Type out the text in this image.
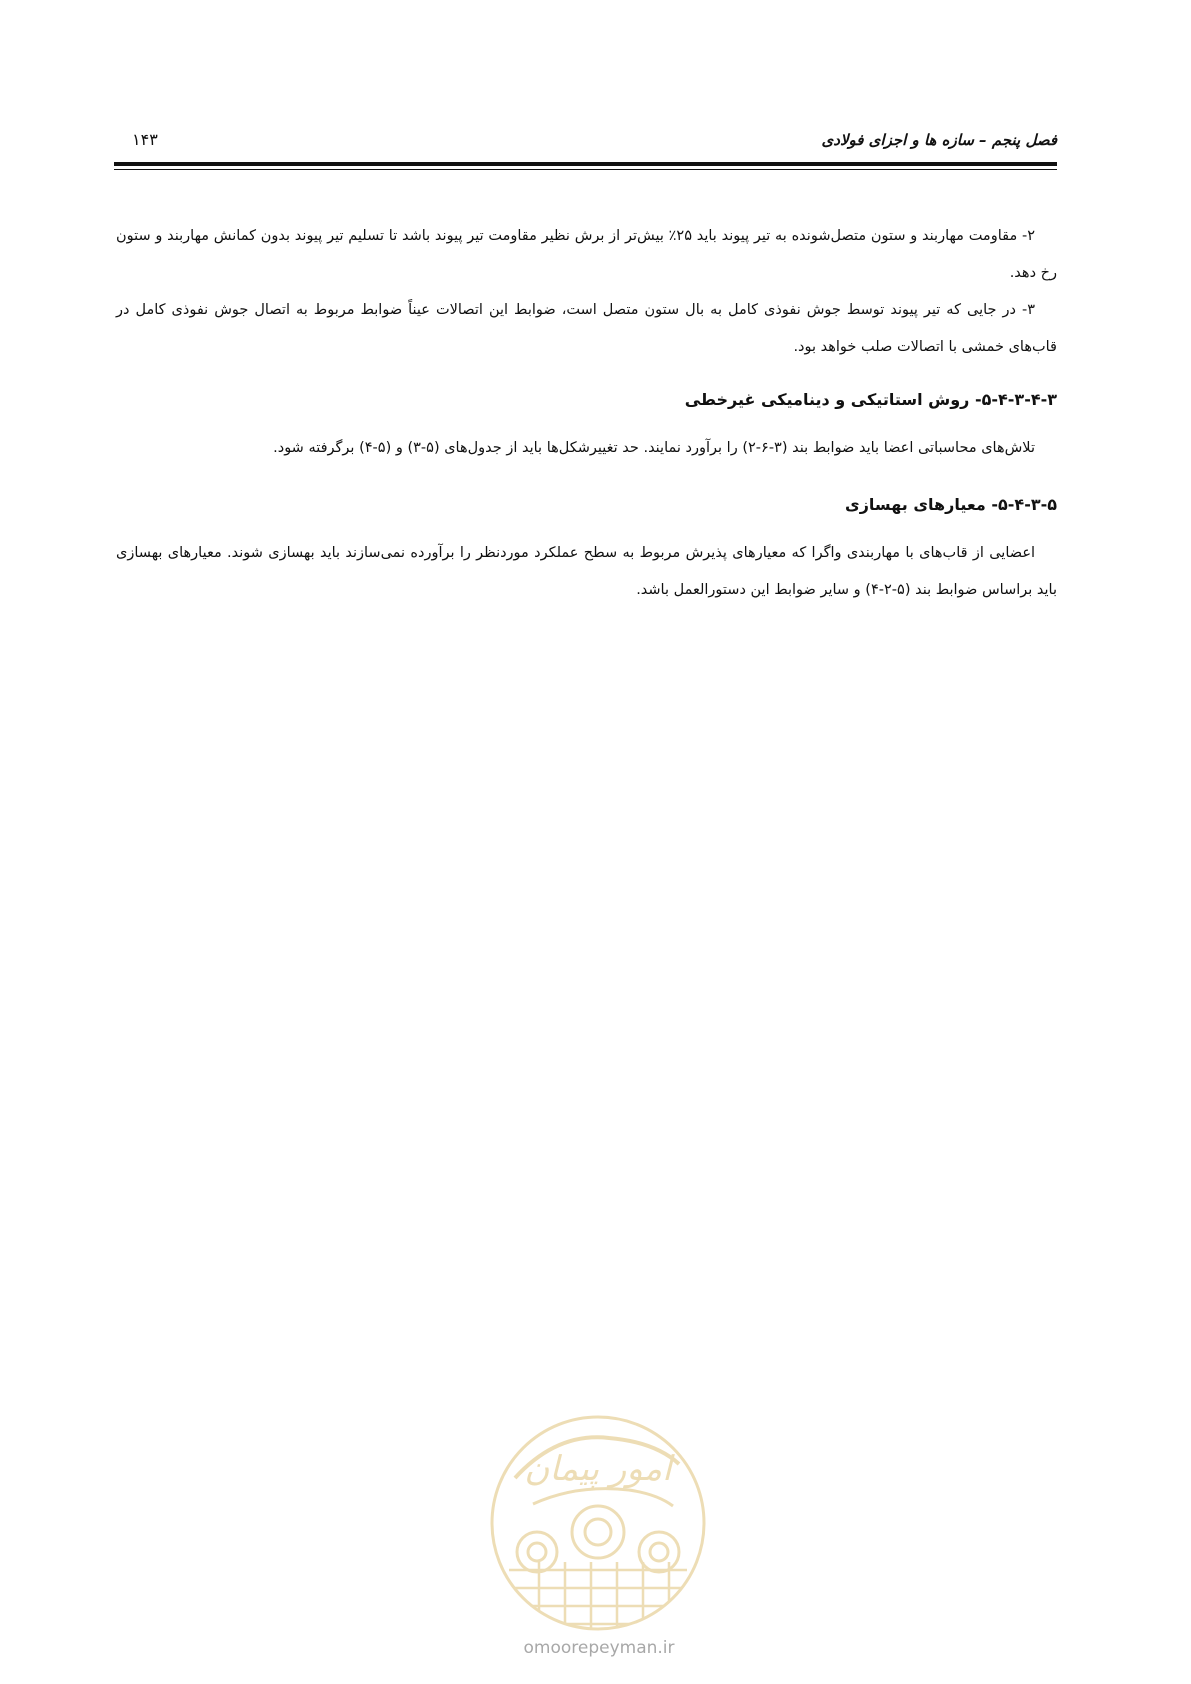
فصل پنجم – سازه ها و اجزای فولادی
۱۴۳

۲- مقاومت مهاربند و ستون متصل‌شونده به تیر پیوند باید ۲۵٪ بیش‌تر از برش نظیر مقاومت تیر پیوند باشد تا تسلیم تیر پیوند بدون کمانش مهاربند و ستون رخ دهد.

۳- در جایی که تیر پیوند توسط جوش نفوذی کامل به بال ستون متصل است، ضوابط این اتصالات عیناً ضوابط مربوط به اتصال جوش نفوذی کامل در قاب‌های خمشی با اتصالات صلب خواهد بود.

۵-۴-۳-۴-۳- روش استاتیکی و دینامیکی غیرخطی

تلاش‌های محاسباتی اعضا باید ضوابط بند (۳-۶-۲) را برآورد نمایند. حد تغییرشکل‌ها باید از جدول‌های (۵-۳) و (۵-۴) برگرفته شود.

۵-۴-۳-۵- معیارهای بهسازی

اعضایی از قاب‌های با مهاربندی واگرا که معیارهای پذیرش مربوط به سطح عملکرد موردنظر را برآورده نمی‌سازند باید بهسازی شوند. معیارهای بهسازی باید براساس ضوابط بند (۵-۲-۴) و سایر ضوابط این دستورالعمل باشد.

امور پیمان
omoorepeyman.ir
